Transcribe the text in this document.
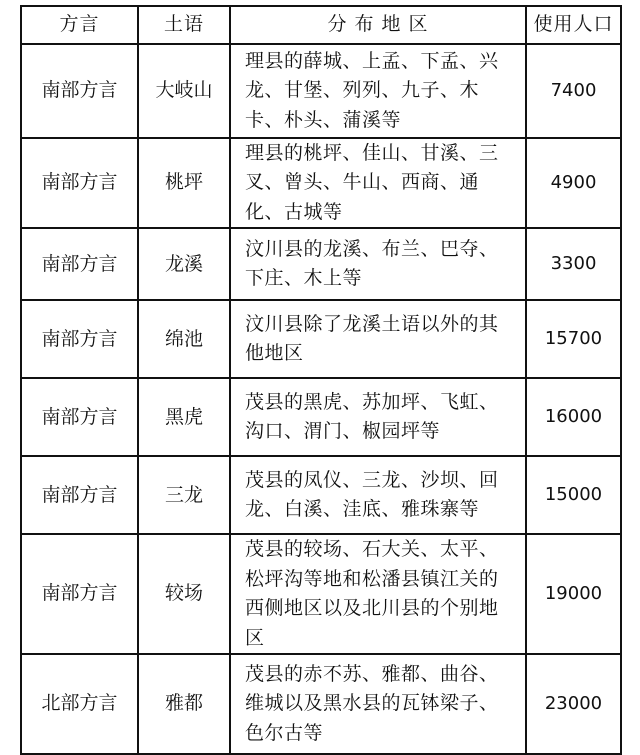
方言	土语	分 布 地 区	使用人口
南部方言	大岐山	理县的薛城、上孟、下孟、兴龙、甘堡、列列、九子、木卡、朴头、蒲溪等	7400
南部方言	桃坪	理县的桃坪、佳山、甘溪、三叉、曾头、牛山、西商、通化、古城等	4900
南部方言	龙溪	汶川县的龙溪、布兰、巴夺、下庄、木上等	3300
南部方言	绵池	汶川县除了龙溪土语以外的其他地区	15700
南部方言	黑虎	茂县的黑虎、苏加坪、飞虹、沟口、渭门、椒园坪等	16000
南部方言	三龙	茂县的凤仪、三龙、沙坝、回龙、白溪、洼底、雅珠寨等	15000
南部方言	较场	茂县的较场、石大关、太平、松坪沟等地和松潘县镇江关的西侧地区以及北川县的个别地区	19000
北部方言	雅都	茂县的赤不苏、雅都、曲谷、维城以及黑水县的瓦钵梁子、色尔古等	23000
